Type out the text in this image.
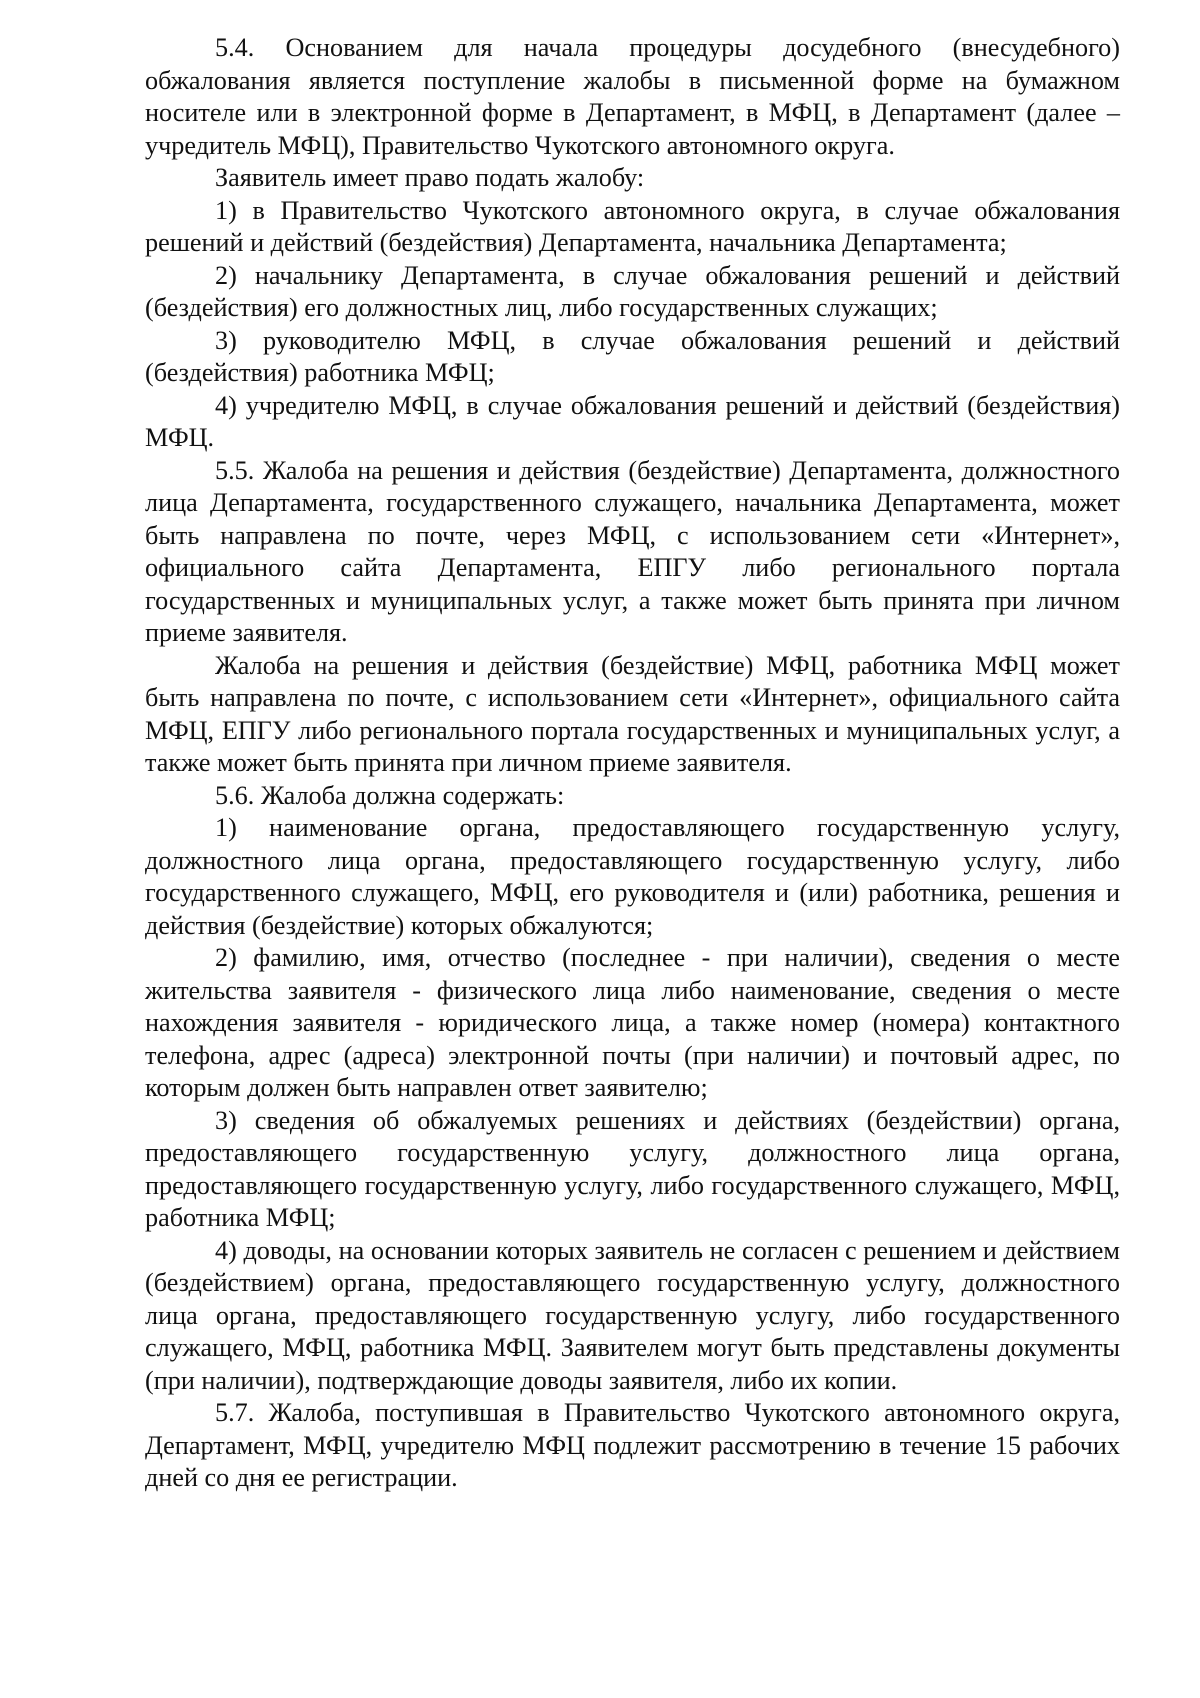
5.4. Основанием для начала процедуры досудебного (внесудебного) обжалования является поступление жалобы в письменной форме на бумажном носителе или в электронной форме в Департамент, в МФЦ, в Департамент (далее – учредитель МФЦ), Правительство Чукотского автономного округа.

Заявитель имеет право подать жалобу:

1) в Правительство Чукотского автономного округа, в случае обжалования решений и действий (бездействия) Департамента, начальника Департамента;

2) начальнику Департамента, в случае обжалования решений и действий (бездействия) его должностных лиц, либо государственных служащих;

3) руководителю МФЦ, в случае обжалования решений и действий (бездействия) работника МФЦ;

4) учредителю МФЦ, в случае обжалования решений и действий (бездействия) МФЦ.

5.5. Жалоба на решения и действия (бездействие) Департамента, должностного лица Департамента, государственного служащего, начальника Департамента, может быть направлена по почте, через МФЦ, с использованием сети «Интернет», официального сайта Департамента, ЕПГУ либо регионального портала государственных и муниципальных услуг, а также может быть принята при личном приеме заявителя.

Жалоба на решения и действия (бездействие) МФЦ, работника МФЦ может быть направлена по почте, с использованием сети «Интернет», официального сайта МФЦ, ЕПГУ либо регионального портала государственных и муниципальных услуг, а также может быть принята при личном приеме заявителя.

5.6. Жалоба должна содержать:

1) наименование органа, предоставляющего государственную услугу, должностного лица органа, предоставляющего государственную услугу, либо государственного служащего, МФЦ, его руководителя и (или) работника, решения и действия (бездействие) которых обжалуются;

2) фамилию, имя, отчество (последнее - при наличии), сведения о месте жительства заявителя - физического лица либо наименование, сведения о месте нахождения заявителя - юридического лица, а также номер (номера) контактного телефона, адрес (адреса) электронной почты (при наличии) и почтовый адрес, по которым должен быть направлен ответ заявителю;

3) сведения об обжалуемых решениях и действиях (бездействии) органа, предоставляющего государственную услугу, должностного лица органа, предоставляющего государственную услугу, либо государственного служащего, МФЦ, работника МФЦ;

4) доводы, на основании которых заявитель не согласен с решением и действием (бездействием) органа, предоставляющего государственную услугу, должностного лица органа, предоставляющего государственную услугу, либо государственного служащего, МФЦ, работника МФЦ. Заявителем могут быть представлены документы (при наличии), подтверждающие доводы заявителя, либо их копии.

5.7. Жалоба, поступившая в Правительство Чукотского автономного округа, Департамент, МФЦ, учредителю МФЦ подлежит рассмотрению в течение 15 рабочих дней со дня ее регистрации.
